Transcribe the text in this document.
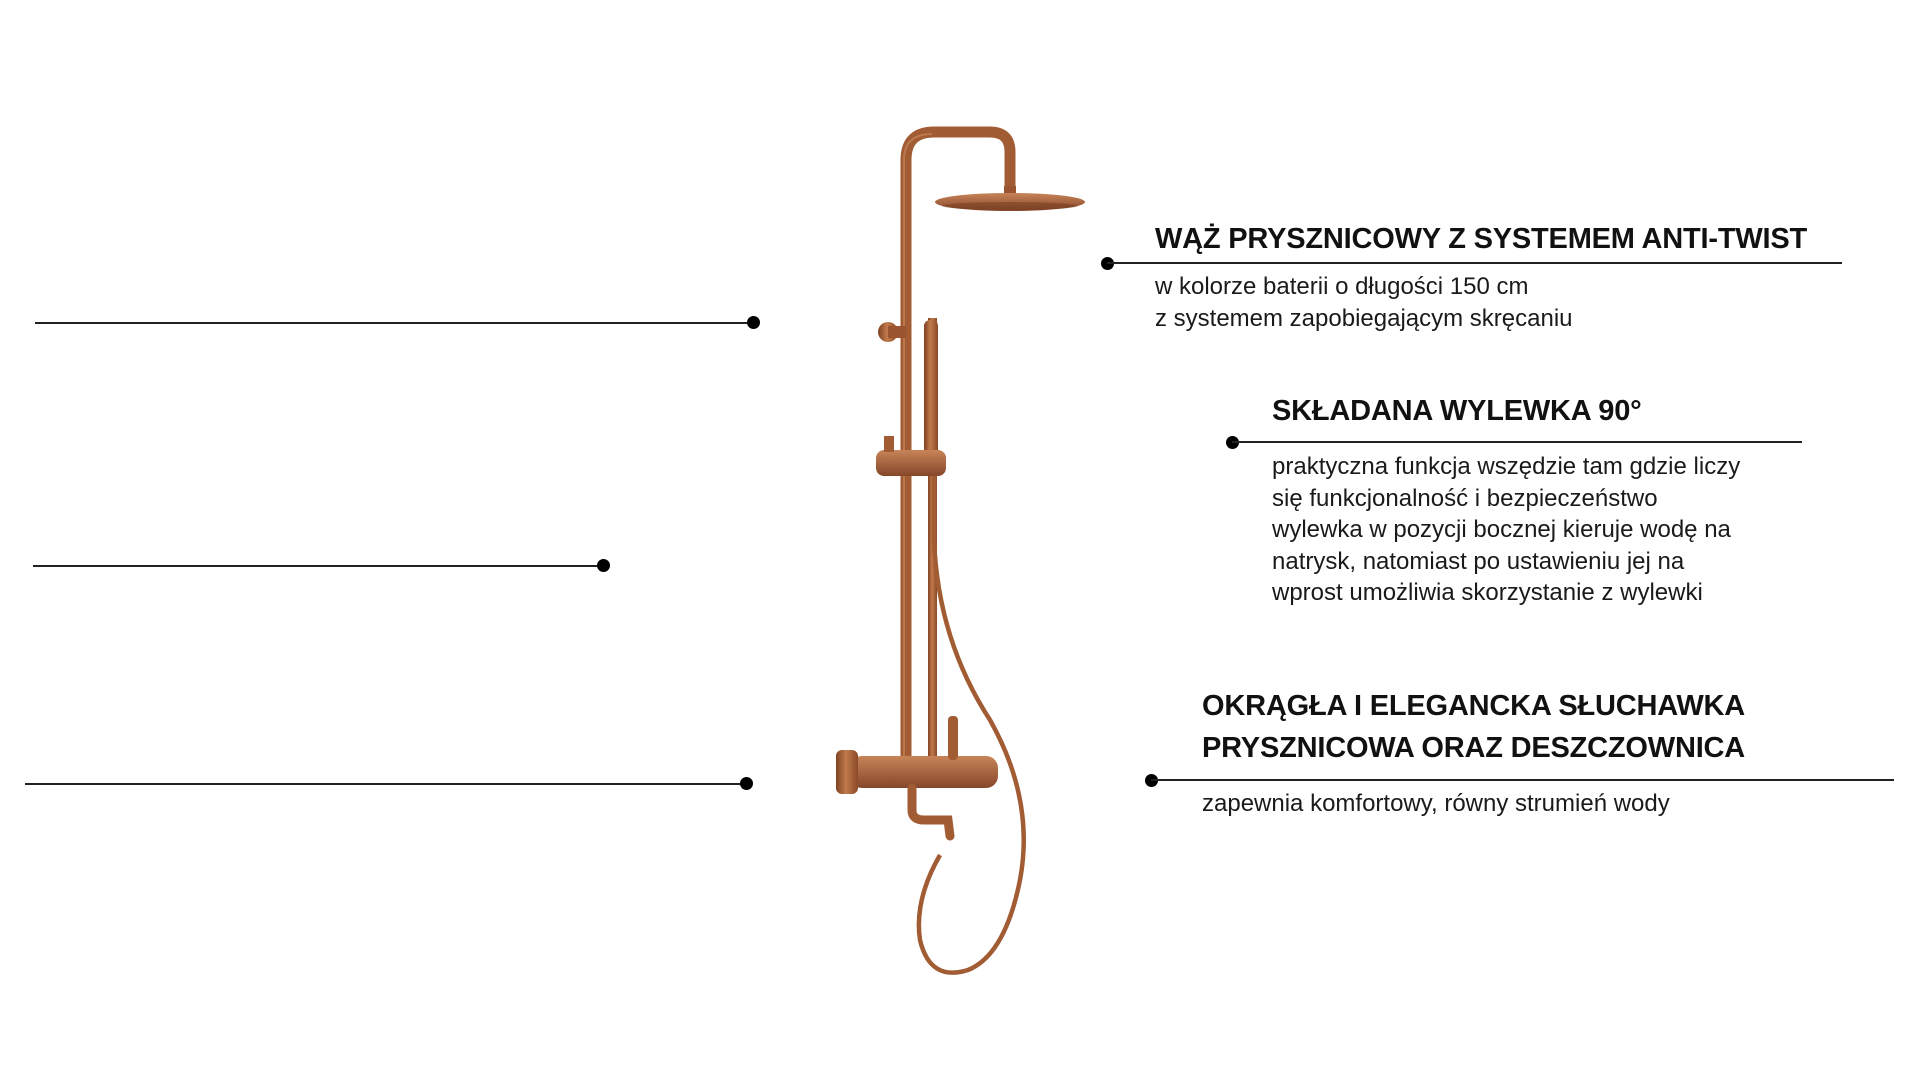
WĄŻ PRYSZNICOWY Z SYSTEMEM ANTI-TWIST

w kolorze baterii o długości 150 cm
z systemem zapobiegającym skręcaniu

SKŁADANA WYLEWKA 90°

praktyczna funkcja wszędzie tam gdzie liczy
się funkcjonalność i bezpieczeństwo
wylewka w pozycji bocznej kieruje wodę na
natrysk, natomiast po ustawieniu jej na
wprost umożliwia skorzystanie z wylewki

OKRĄGŁA I ELEGANCKA SŁUCHAWKA
PRYSZNICOWA ORAZ DESZCZOWNICA

zapewnia komfortowy, równy strumień wody
